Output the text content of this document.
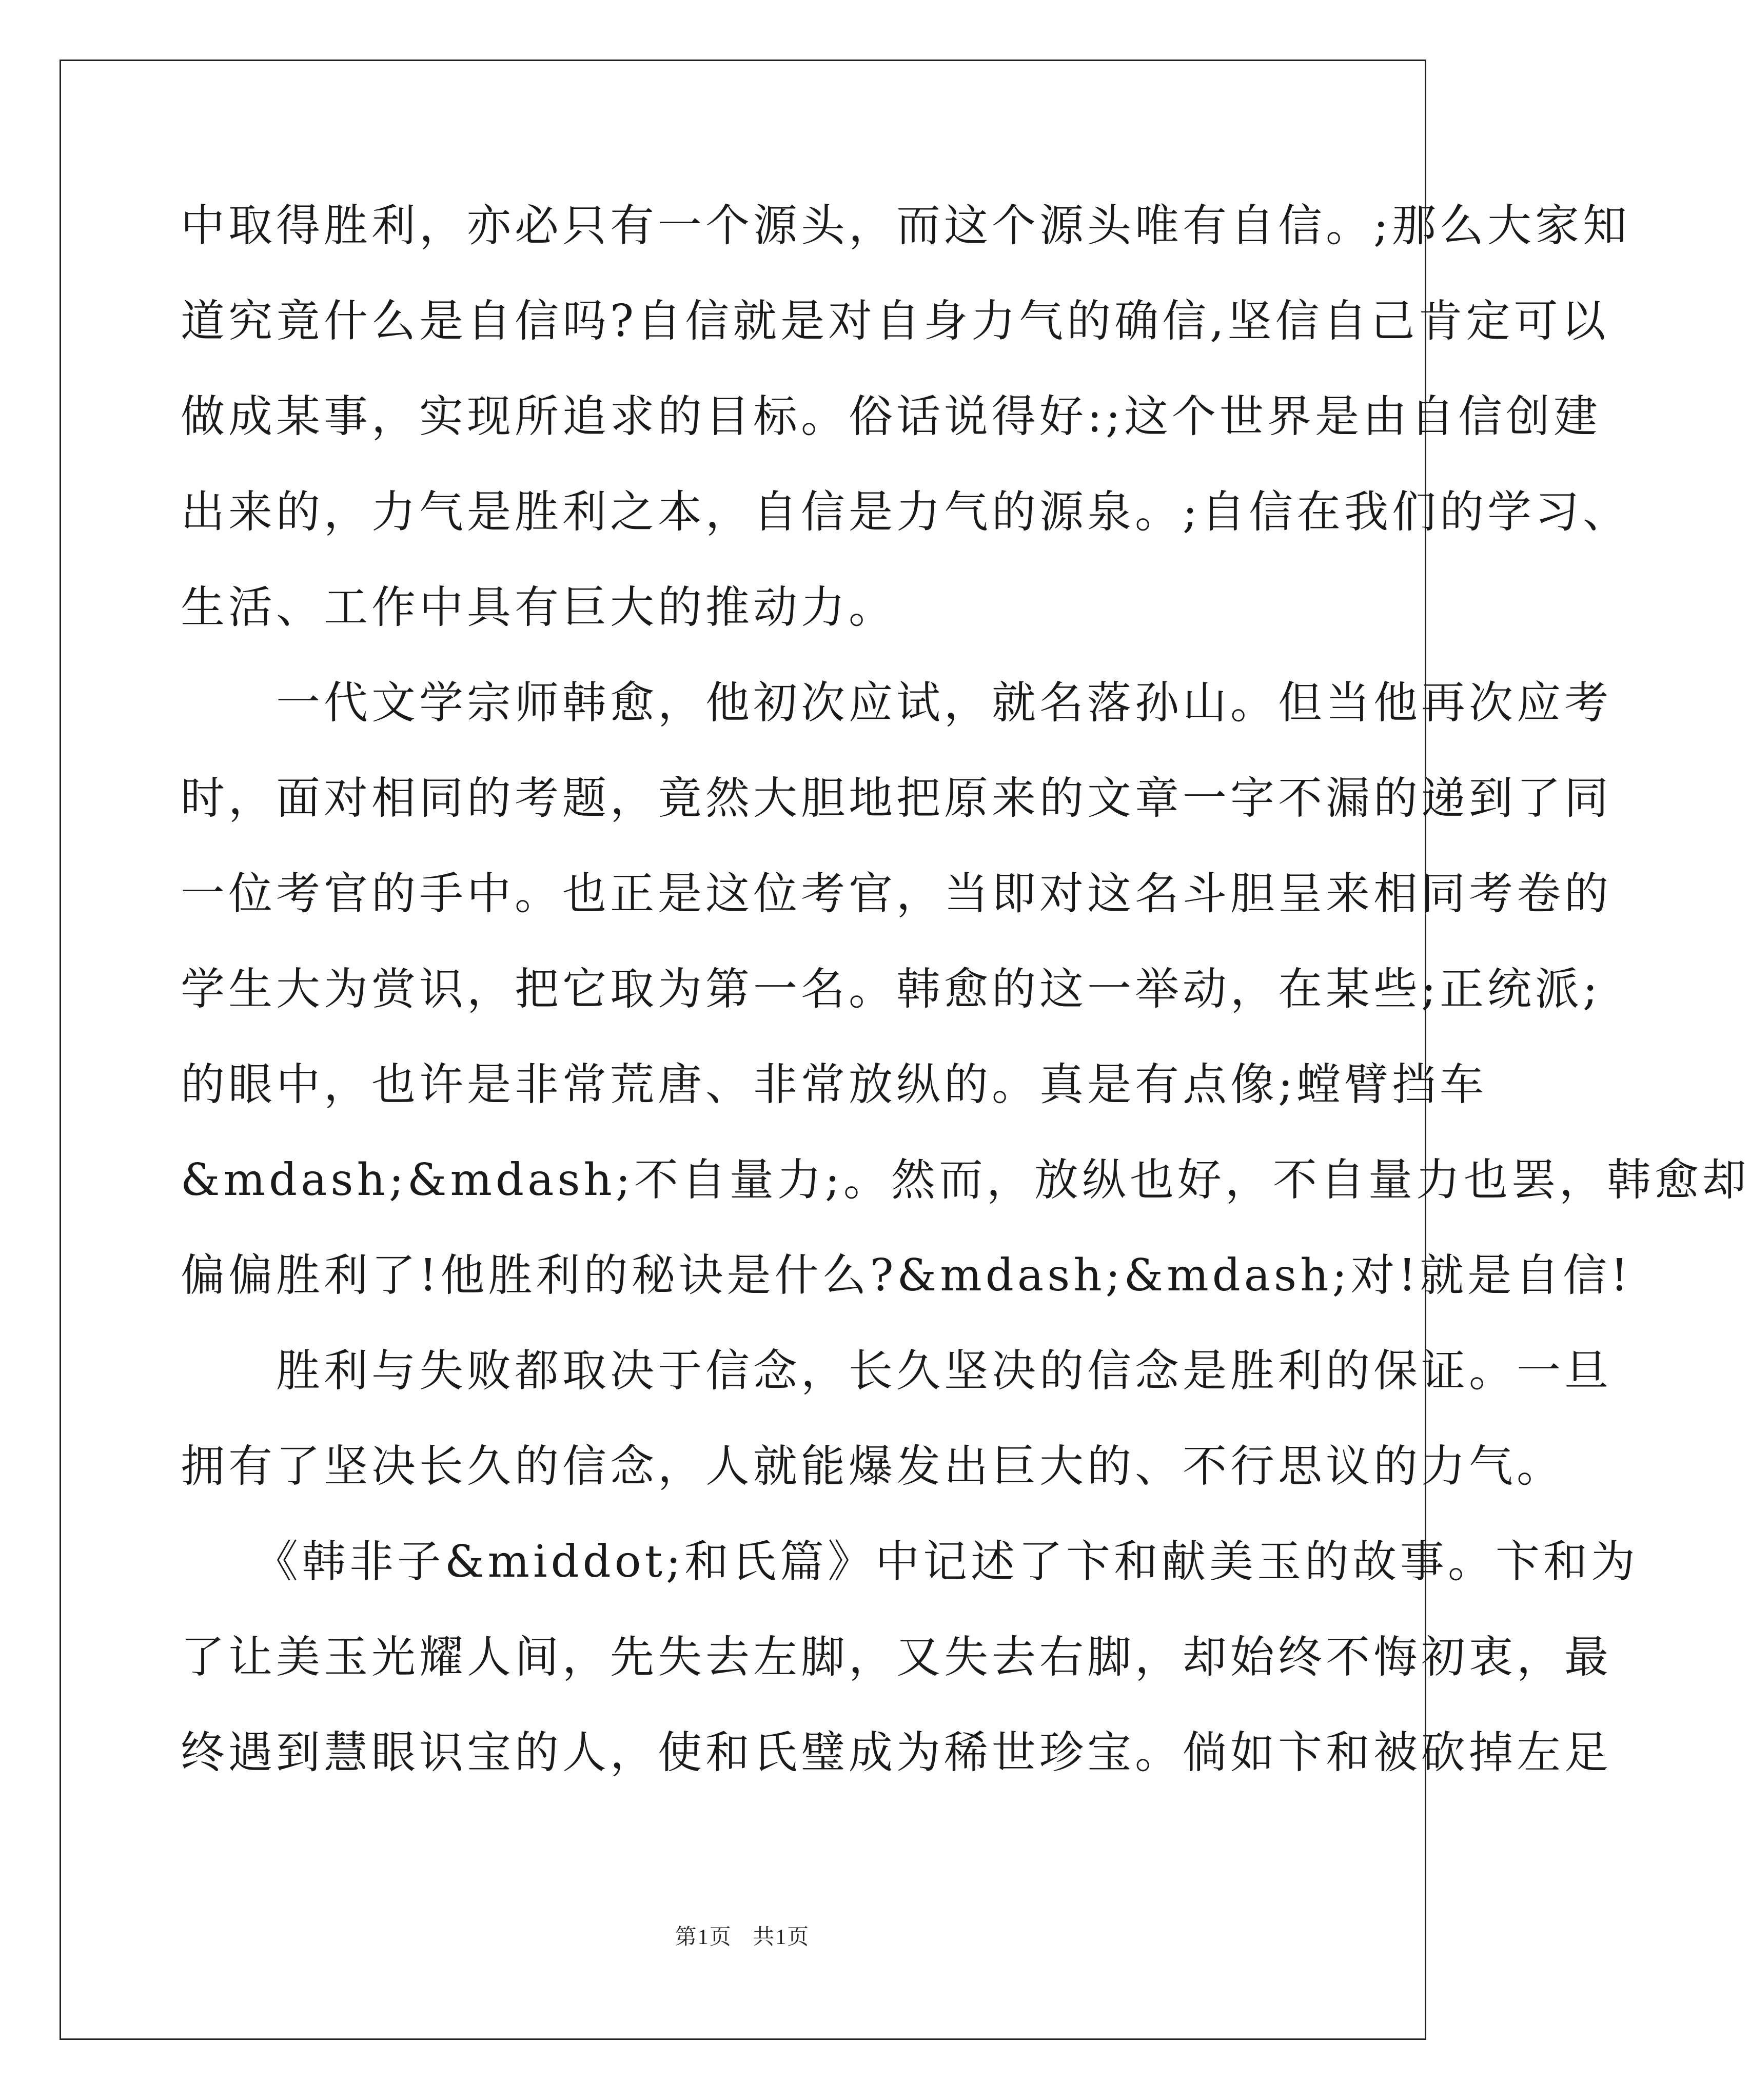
中取得胜利，亦必只有一个源头，而这个源头唯有自信。;那么大家知
道究竟什么是自信吗?自信就是对自身力气的确信,坚信自己肯定可以
做成某事，实现所追求的目标。俗话说得好:;这个世界是由自信创建
出来的，力气是胜利之本，自信是力气的源泉。;自信在我们的学习、
生活、工作中具有巨大的推动力。
　　一代文学宗师韩愈，他初次应试，就名落孙山。但当他再次应考
时，面对相同的考题，竟然大胆地把原来的文章一字不漏的递到了同
一位考官的手中。也正是这位考官，当即对这名斗胆呈来相同考卷的
学生大为赏识，把它取为第一名。韩愈的这一举动，在某些;正统派;
的眼中，也许是非常荒唐、非常放纵的。真是有点像;螳臂挡车
&mdash;&mdash;不自量力;。然而，放纵也好，不自量力也罢，韩愈却
偏偏胜利了!他胜利的秘诀是什么?&mdash;&mdash;对!就是自信!
　　胜利与失败都取决于信念，长久坚决的信念是胜利的保证。一旦
拥有了坚决长久的信念，人就能爆发出巨大的、不行思议的力气。
　　《韩非子&middot;和氏篇》中记述了卞和献美玉的故事。卞和为
了让美玉光耀人间，先失去左脚，又失去右脚，却始终不悔初衷，最
终遇到慧眼识宝的人，使和氏璧成为稀世珍宝。倘如卞和被砍掉左足
第1页 共1页
